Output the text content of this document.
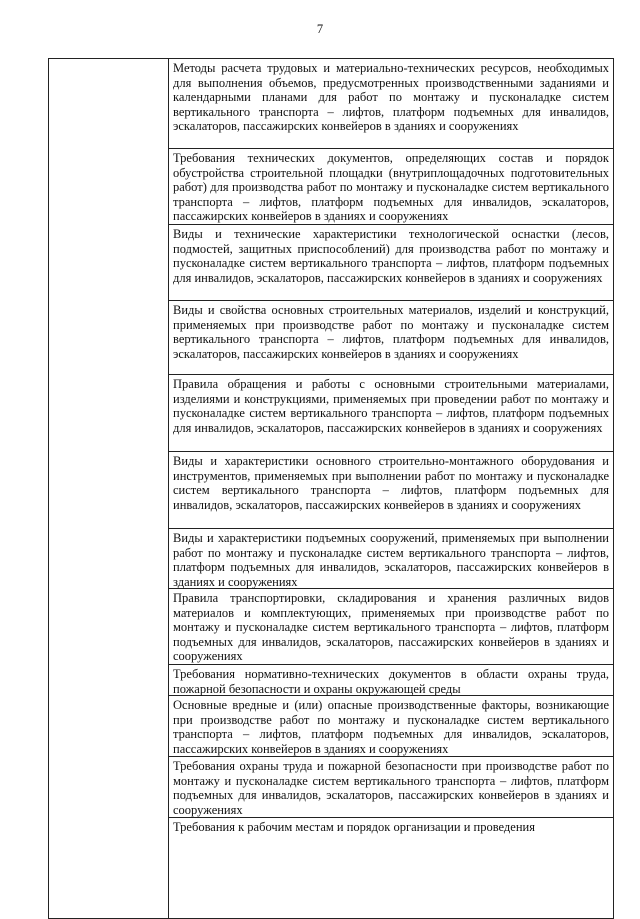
7

Методы расчета трудовых и материально-технических ресурсов, необходимых для выполнения объемов, предусмотренных производственными заданиями и календарными планами для работ по монтажу и пусконаладке систем вертикального транспорта – лифтов, платформ подъемных для инвалидов, эскалаторов, пассажирских конвейеров в зданиях и сооружениях
Требования технических документов, определяющих состав и порядок обустройства строительной площадки (внутриплощадочных подготовительных работ) для производства работ по монтажу и пусконаладке систем вертикального транспорта – лифтов, платформ подъемных для инвалидов, эскалаторов, пассажирских конвейеров в зданиях и сооружениях
Виды и технические характеристики технологической оснастки (лесов, подмостей, защитных приспособлений) для производства работ по монтажу и пусконаладке систем вертикального транспорта – лифтов, платформ подъемных для инвалидов, эскалаторов, пассажирских конвейеров в зданиях и сооружениях
Виды и свойства основных строительных материалов, изделий и конструкций, применяемых при производстве работ по монтажу и пусконаладке систем вертикального транспорта – лифтов, платформ подъемных для инвалидов, эскалаторов, пассажирских конвейеров в зданиях и сооружениях
Правила обращения и работы с основными строительными материалами, изделиями и конструкциями, применяемых при проведении работ по монтажу и пусконаладке систем вертикального транспорта – лифтов, платформ подъемных для инвалидов, эскалаторов, пассажирских конвейеров в зданиях и сооружениях
Виды и характеристики основного строительно-монтажного оборудования и инструментов, применяемых при выполнении работ по монтажу и пусконаладке систем вертикального транспорта – лифтов, платформ подъемных для инвалидов, эскалаторов, пассажирских конвейеров в зданиях и сооружениях
Виды и характеристики подъемных сооружений, применяемых при выполнении работ по монтажу и пусконаладке систем вертикального транспорта – лифтов, платформ подъемных для инвалидов, эскалаторов, пассажирских конвейеров в зданиях и сооружениях
Правила транспортировки, складирования и хранения различных видов материалов и комплектующих, применяемых при производстве работ по монтажу и пусконаладке систем вертикального транспорта – лифтов, платформ подъемных для инвалидов, эскалаторов, пассажирских конвейеров в зданиях и сооружениях
Требования нормативно-технических документов в области охраны труда, пожарной безопасности и охраны окружающей среды
Основные вредные и (или) опасные производственные факторы, возникающие при производстве работ по монтажу и пусконаладке систем вертикального транспорта – лифтов, платформ подъемных для инвалидов, эскалаторов, пассажирских конвейеров в зданиях и сооружениях
Требования охраны труда и пожарной безопасности при производстве работ по монтажу и пусконаладке систем вертикального транспорта – лифтов, платформ подъемных для инвалидов, эскалаторов, пассажирских конвейеров в зданиях и сооружениях
Требования к рабочим местам и порядок организации и проведения
